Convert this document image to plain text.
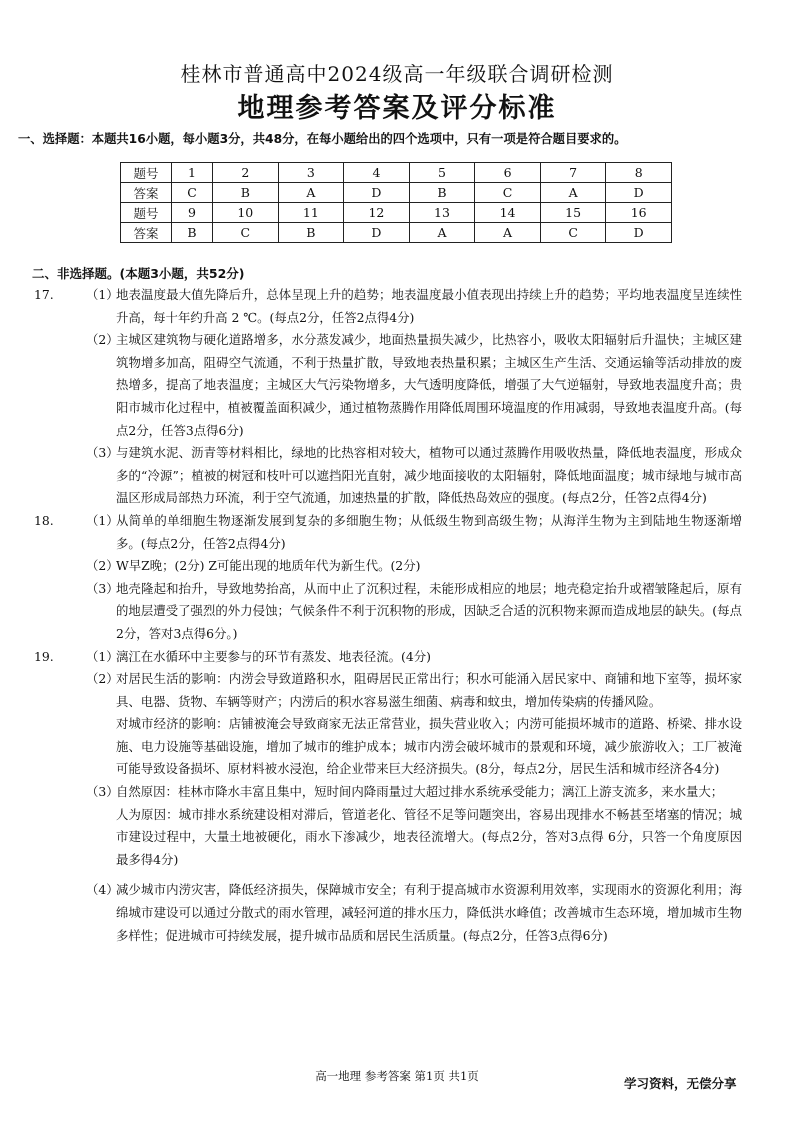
桂林市普通高中2024级高一年级联合调研检测
地理参考答案及评分标准
一、选择题：本题共16小题，每小题3分，共48分，在每小题给出的四个选项中，只有一项是符合题目要求的。
题号	1	2	3	4	5	6	7	8
答案	C	B	A	D	B	C	A	D
题号	9	10	11	12	13	14	15	16
答案	B	C	B	D	A	A	C	D
二、非选择题。(本题3小题，共52分)
17.	（1）
地表温度最大值先降后升，总体呈现上升的趋势；地表温度最小值表现出持续上升的趋势；平均地表温度呈连续性升高，每十年约升高 2 ℃。(每点2分，任答2点得4分)
（2）
主城区建筑物与硬化道路增多，水分蒸发减少，地面热量损失减少，比热容小，吸收太阳辐射后升温快；主城区建筑物增多加高，阻碍空气流通，不利于热量扩散，导致地表热量积累；主城区生产生活、交通运输等活动排放的废热增多，提高了地表温度；主城区大气污染物增多，大气透明度降低，增强了大气逆辐射，导致地表温度升高；贵阳市城市化过程中，植被覆盖面积减少，通过植物蒸腾作用降低周围环境温度的作用减弱，导致地表温度升高。(每点2分，任答3点得6分)
（3）
与建筑水泥、沥青等材料相比，绿地的比热容相对较大，植物可以通过蒸腾作用吸收热量，降低地表温度，形成众多的“冷源”；植被的树冠和枝叶可以遮挡阳光直射，减少地面接收的太阳辐射，降低地面温度；城市绿地与城市高温区形成局部热力环流，利于空气流通，加速热量的扩散，降低热岛效应的强度。(每点2分，任答2点得4分)
18.	（1）
从简单的单细胞生物逐渐发展到复杂的多细胞生物；从低级生物到高级生物；从海洋生物为主到陆地生物逐渐增多。(每点2分，任答2点得4分)
（2）
W早Z晚；(2分) Z可能出现的地质年代为新生代。(2分)
（3）
地壳隆起和抬升，导致地势抬高，从而中止了沉积过程，未能形成相应的地层；地壳稳定抬升或褶皱隆起后，原有的地层遭受了强烈的外力侵蚀；气候条件不利于沉积物的形成，因缺乏合适的沉积物来源而造成地层的缺失。(每点2分，答对3点得6分。)
19.	（1）
漓江在水循环中主要参与的环节有蒸发、地表径流。(4分)
（2）
对居民生活的影响：内涝会导致道路积水，阻碍居民正常出行；积水可能涌入居民家中、商铺和地下室等，损坏家具、电器、货物、车辆等财产；内涝后的积水容易滋生细菌、病毒和蚊虫，增加传染病的传播风险。
对城市经济的影响：店铺被淹会导致商家无法正常营业，损失营业收入；内涝可能损坏城市的道路、桥梁、排水设施、电力设施等基础设施，增加了城市的维护成本；城市内涝会破坏城市的景观和环境，减少旅游收入；工厂被淹可能导致设备损坏、原材料被水浸泡，给企业带来巨大经济损失。(8分，每点2分，居民生活和城市经济各4分)
（3）
自然原因：桂林市降水丰富且集中，短时间内降雨量过大超过排水系统承受能力；漓江上游支流多，来水量大；
人为原因：城市排水系统建设相对滞后，管道老化、管径不足等问题突出，容易出现排水不畅甚至堵塞的情况；城市建设过程中，大量土地被硬化，雨水下渗减少，地表径流增大。(每点2分，答对3点得 6分，只答一个角度原因最多得4分)
（4）
减少城市内涝灾害，降低经济损失，保障城市安全；有利于提高城市水资源利用效率，实现雨水的资源化利用；海绵城市建设可以通过分散式的雨水管理，减轻河道的排水压力，降低洪水峰值；改善城市生态环境，增加城市生物多样性；促进城市可持续发展，提升城市品质和居民生活质量。(每点2分，任答3点得6分)
高一地理 参考答案 第1页 共1页	学习资料，无偿分享
